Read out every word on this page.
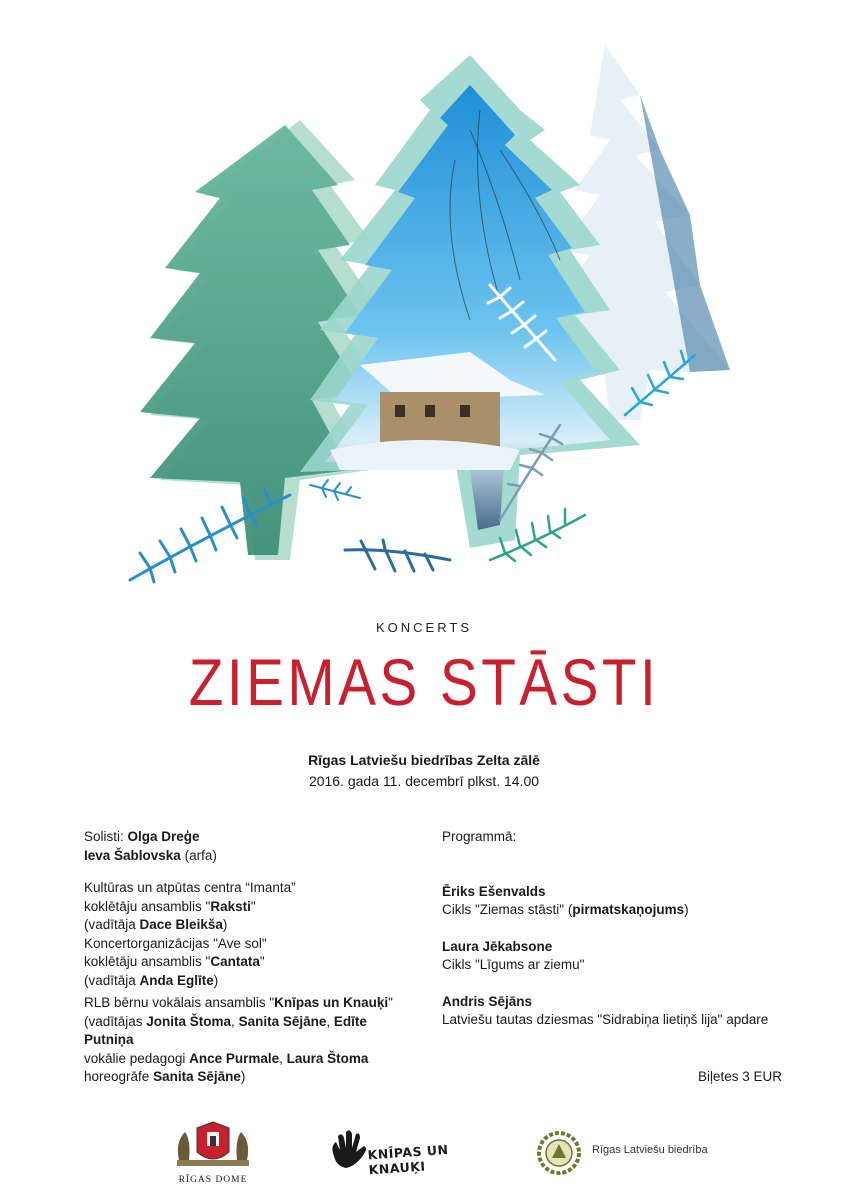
KONCERTS
ZIEMAS STĀSTI
Rīgas Latviešu biedrības Zelta zālē
2016. gada 11. decembrī plkst. 14.00
Solisti: Olga Dreģe
Ieva Šablovska (arfa)
Kultūras un atpūtas centra “Imanta”
koklētāju ansamblis "Raksti"
(vadītāja Dace Bleikša)
Koncertorganizācijas "Ave sol"
koklētāju ansamblis "Cantata"
(vadītāja Anda Eglīte)
RLB bērnu vokālais ansamblis "Knīpas un Knauķi"
(vadītājas Jonita Štoma, Sanita Sējāne, Edīte Putniņa
vokālie pedagogi Ance Purmale, Laura Štoma
horeogrāfe Sanita Sējāne)
Programmā:
Ēriks Ešenvalds
Cikls "Ziemas stāsti" (pirmatskaņojums)
Laura Jēkabsone
Cikls "Līgums ar ziemu"
Andris Sējāns
Latviešu tautas dziesmas "Sidrabiņa lietiņš lija" apdare
Biļetes 3 EUR
RĪGAS DOME
KNĪPAS UN KNAUĶI
Rīgas Latviešu biedrība
